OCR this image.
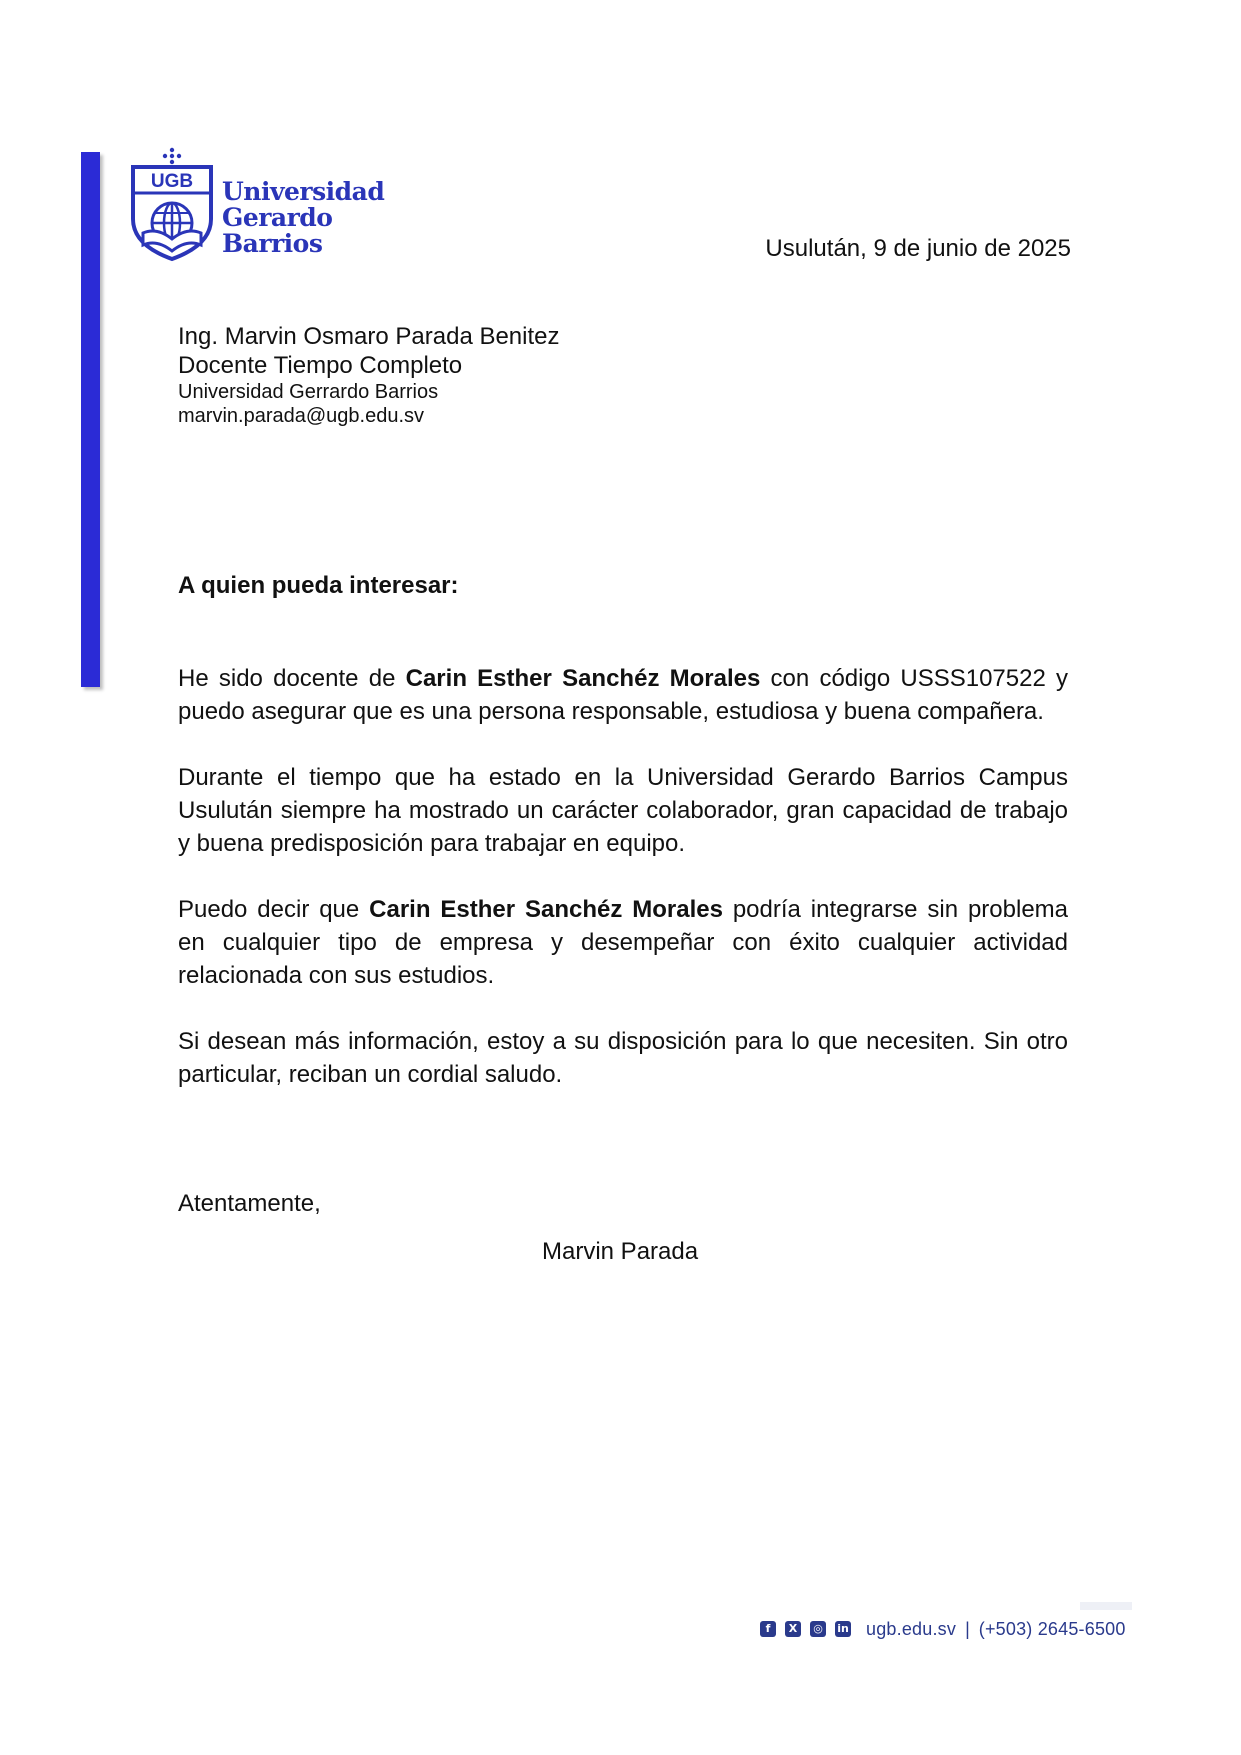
UGB Universidad
Gerardo Barrios	Usulután, 9 de junio de 2025
Ing. Marvin Osmaro Parada Benitez
Docente Tiempo Completo
Universidad Gerrardo Barrios
marvin.parada@ugb.edu.sv
A quien pueda interesar:

He sido docente de Carin Esther Sanchéz Morales con código USSS107522 y puedo asegurar que es una persona responsable, estudiosa y buena compañera.

Durante el tiempo que ha estado en la Universidad Gerardo Barrios Campus Usulután siempre ha mostrado un carácter colaborador, gran capacidad de trabajo y buena predisposición para trabajar en equipo.

Puedo decir que Carin Esther Sanchéz Morales podría integrarse sin problema en cualquier tipo de empresa y desempeñar con éxito cualquier actividad relacionada con sus estudios.

Si desean más información, estoy a su disposición para lo que necesiten. Sin otro particular, reciban un cordial saludo.

Atentamente,
Marvin Parada
f	X	◎ in ugb.edu.sv | (+503) 2645-6500
